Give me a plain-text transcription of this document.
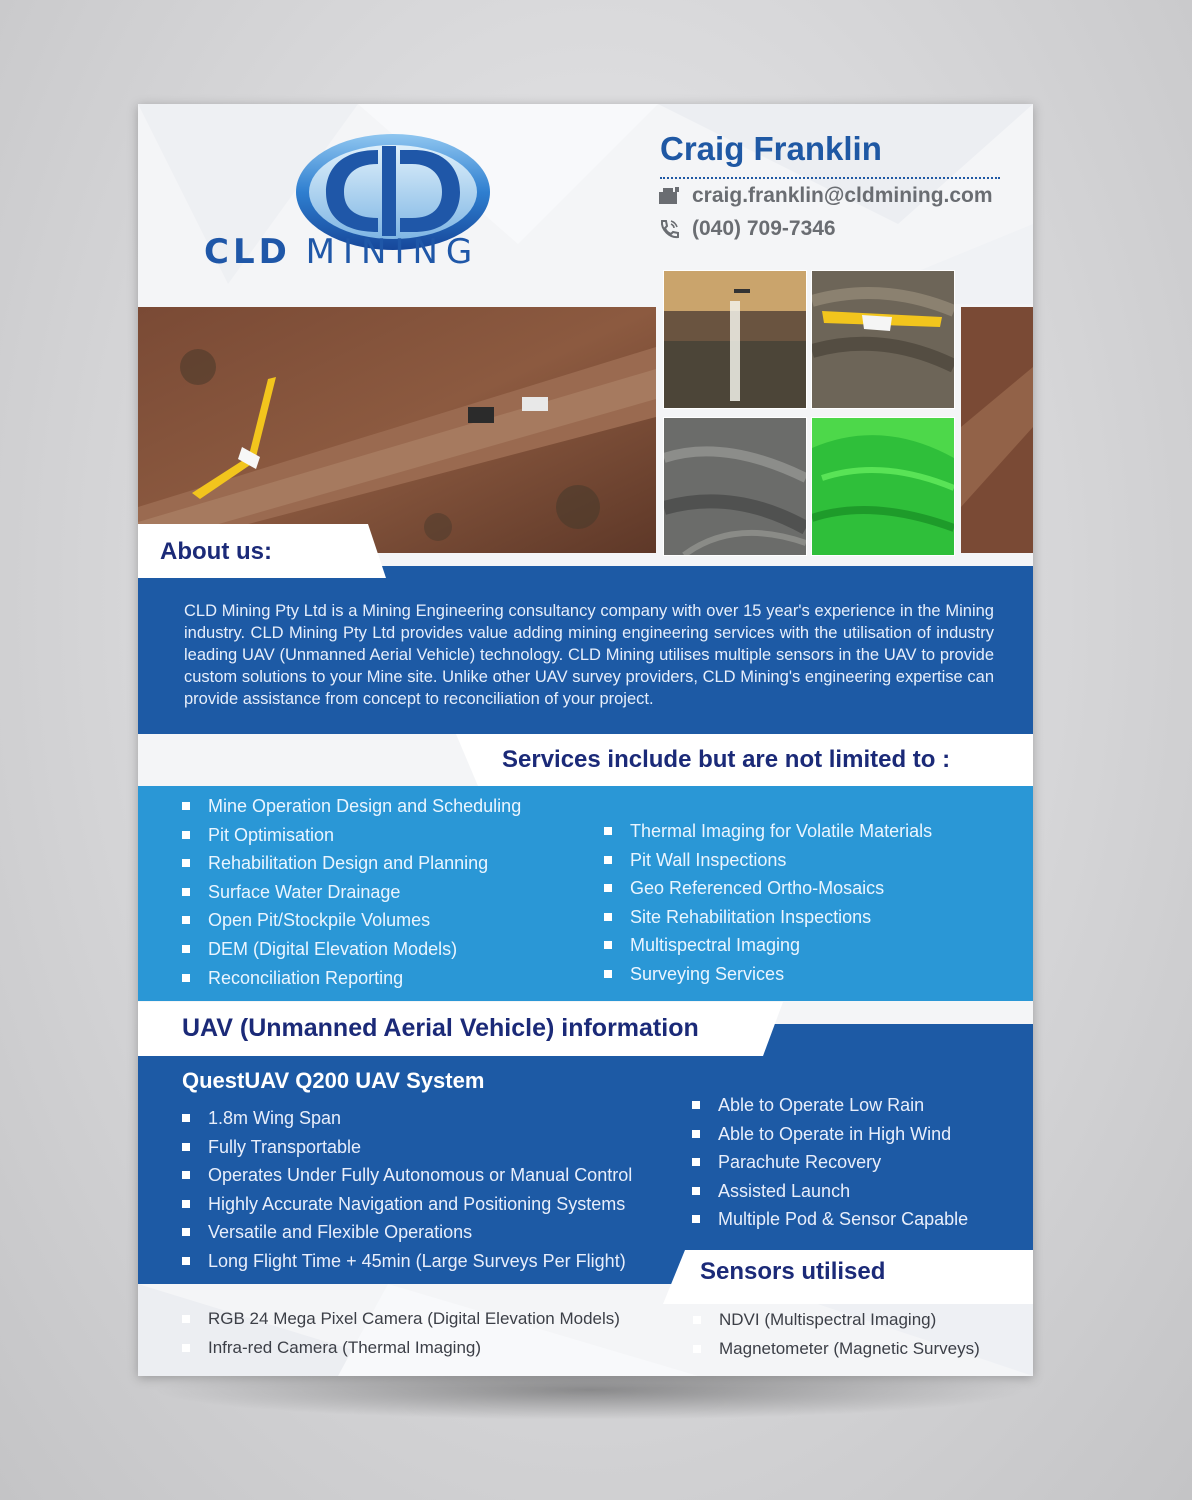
CLD MINING
Craig Franklin
craig.franklin@cldmining.com
(040) 709-7346
About us:
CLD Mining Pty Ltd is a Mining Engineering consultancy company with over 15 year's experience in the Mining industry. CLD Mining Pty Ltd provides value adding mining engineering services with the utilisation of industry leading UAV (Unmanned Aerial Vehicle) technology. CLD Mining utilises multiple sensors in the UAV to provide custom solutions to your Mine site. Unlike other UAV survey providers, CLD Mining's engineering expertise can provide assistance from concept to reconciliation of your project.
Services include but are not limited to :
Mine Operation Design and Scheduling
Pit Optimisation
Rehabilitation Design and Planning
Surface Water Drainage
Open Pit/Stockpile Volumes
DEM (Digital Elevation Models)
Reconciliation Reporting
Thermal Imaging for Volatile Materials
Pit Wall Inspections
Geo Referenced Ortho-Mosaics
Site Rehabilitation Inspections
Multispectral Imaging
Surveying Services
UAV (Unmanned Aerial Vehicle) information
QuestUAV Q200 UAV System
1.8m Wing Span
Fully Transportable
Operates Under Fully Autonomous or Manual Control
Highly Accurate Navigation and Positioning Systems
Versatile and Flexible Operations
Long Flight Time + 45min (Large Surveys Per Flight)
Able to Operate Low Rain
Able to Operate in High Wind
Parachute Recovery
Assisted Launch
Multiple Pod & Sensor Capable
Sensors utilised
RGB 24 Mega Pixel Camera (Digital Elevation Models)
Infra-red Camera (Thermal Imaging)
NDVI (Multispectral Imaging)
Magnetometer (Magnetic Surveys)
